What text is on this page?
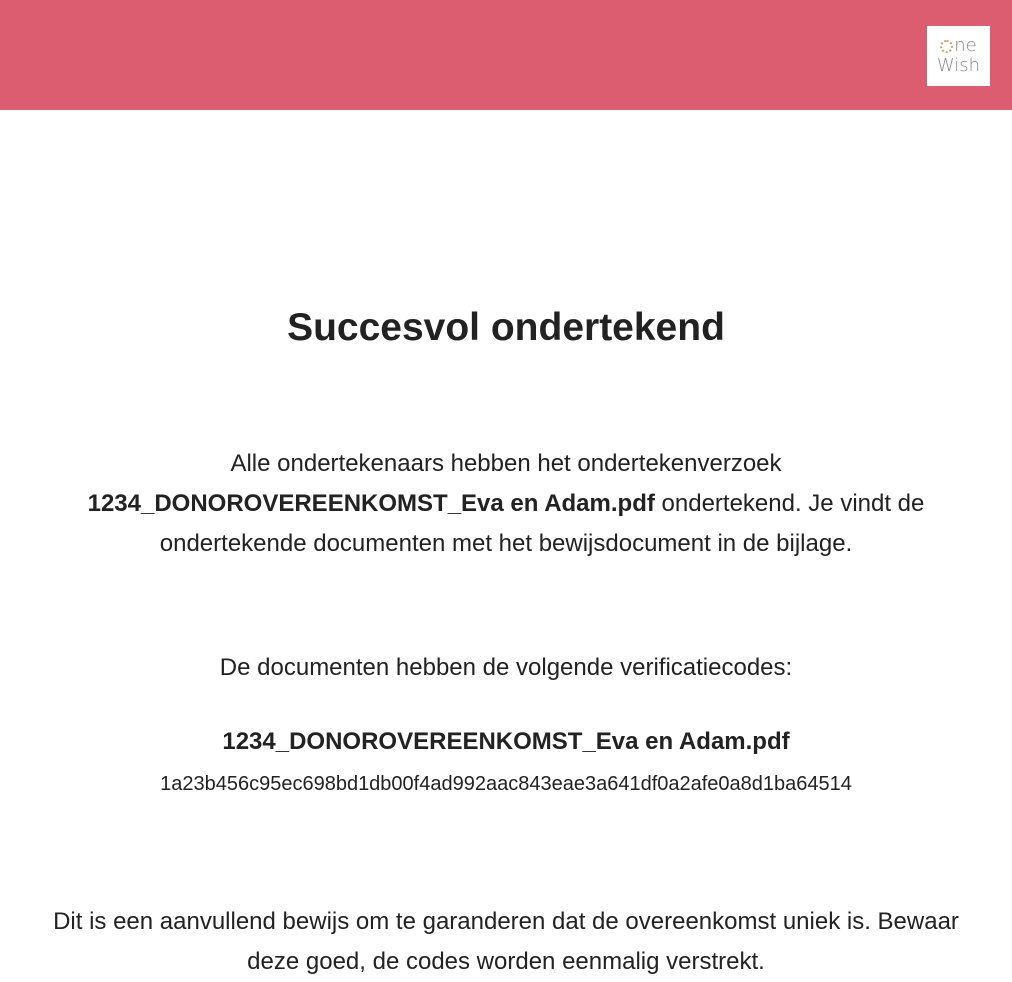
ne
Wish
Succesvol ondertekend

Alle ondertekenaars hebben het ondertekenverzoek 1234_DONOROVEREENKOMST_Eva en Adam.pdf ondertekend. Je vindt de ondertekende documenten met het bewijsdocument in de bijlage.

De documenten hebben de volgende verificatiecodes:

1234_DONOROVEREENKOMST_Eva en Adam.pdf

1a23b456c95ec698bd1db00f4ad992aac843eae3a641df0a2afe0a8d1ba64514

Dit is een aanvullend bewijs om te garanderen dat de overeenkomst uniek is. Bewaar deze goed, de codes worden eenmalig verstrekt.
